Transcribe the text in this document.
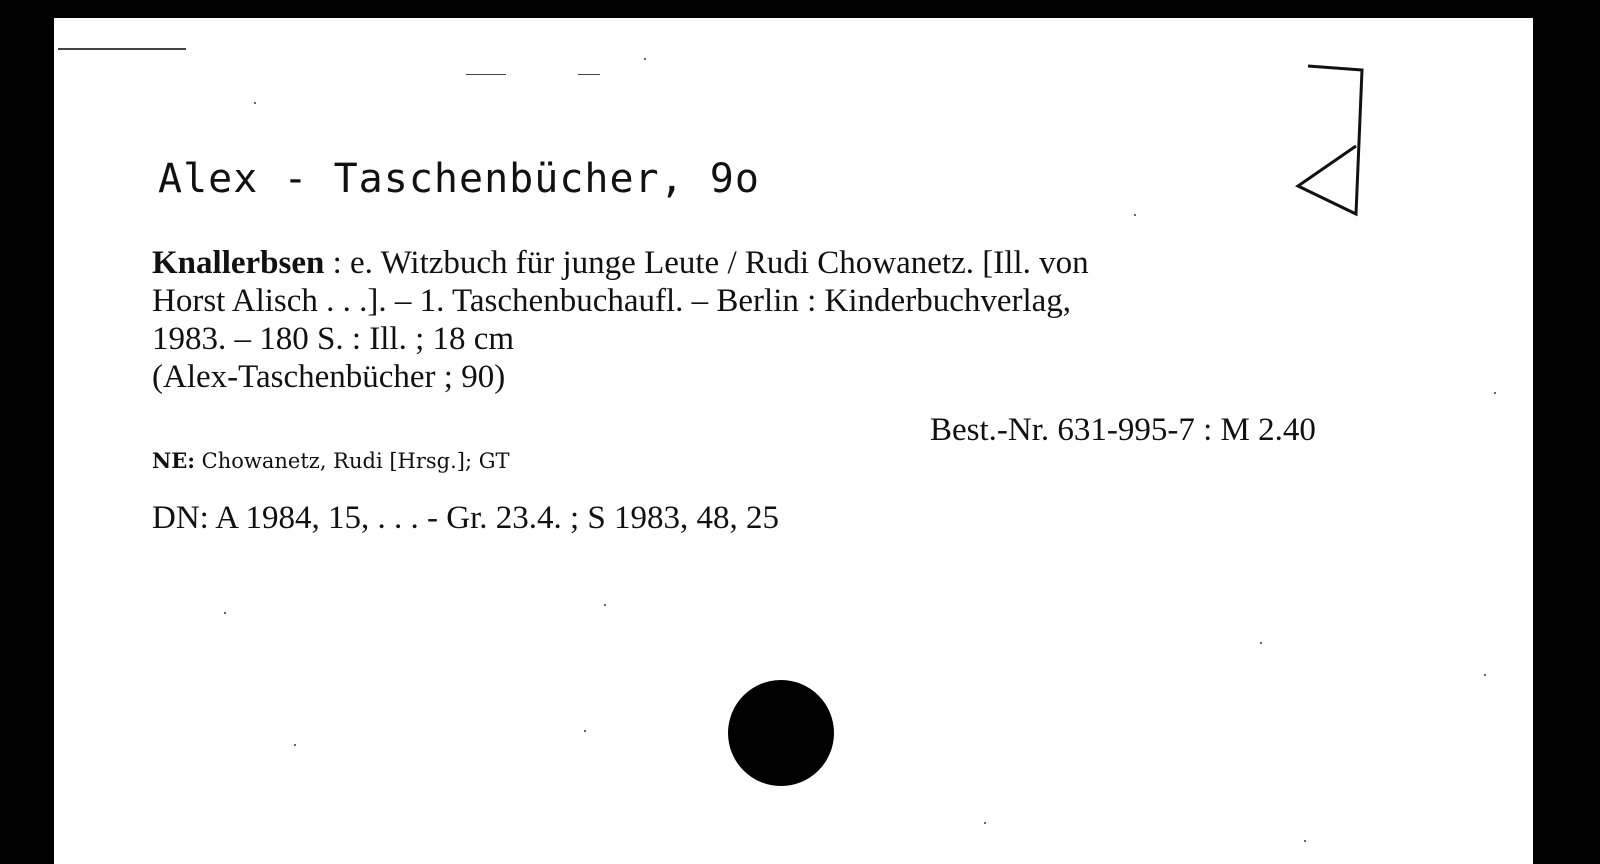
Alex - Taschenbücher, 9o
Knallerbsen : e. Witzbuch für junge Leute / Rudi Chowanetz. [Ill. von
Horst Alisch . . .]. – 1. Taschenbuchaufl. – Berlin : Kinderbuchverlag,
1983. – 180 S. : Ill. ; 18 cm
(Alex-Taschenbücher ; 90)
Best.-Nr. 631-995-7 : M 2.40
NE: Chowanetz, Rudi [Hrsg.]; GT
DN: A 1984, 15, . . . - Gr. 23.4. ; S 1983, 48, 25
